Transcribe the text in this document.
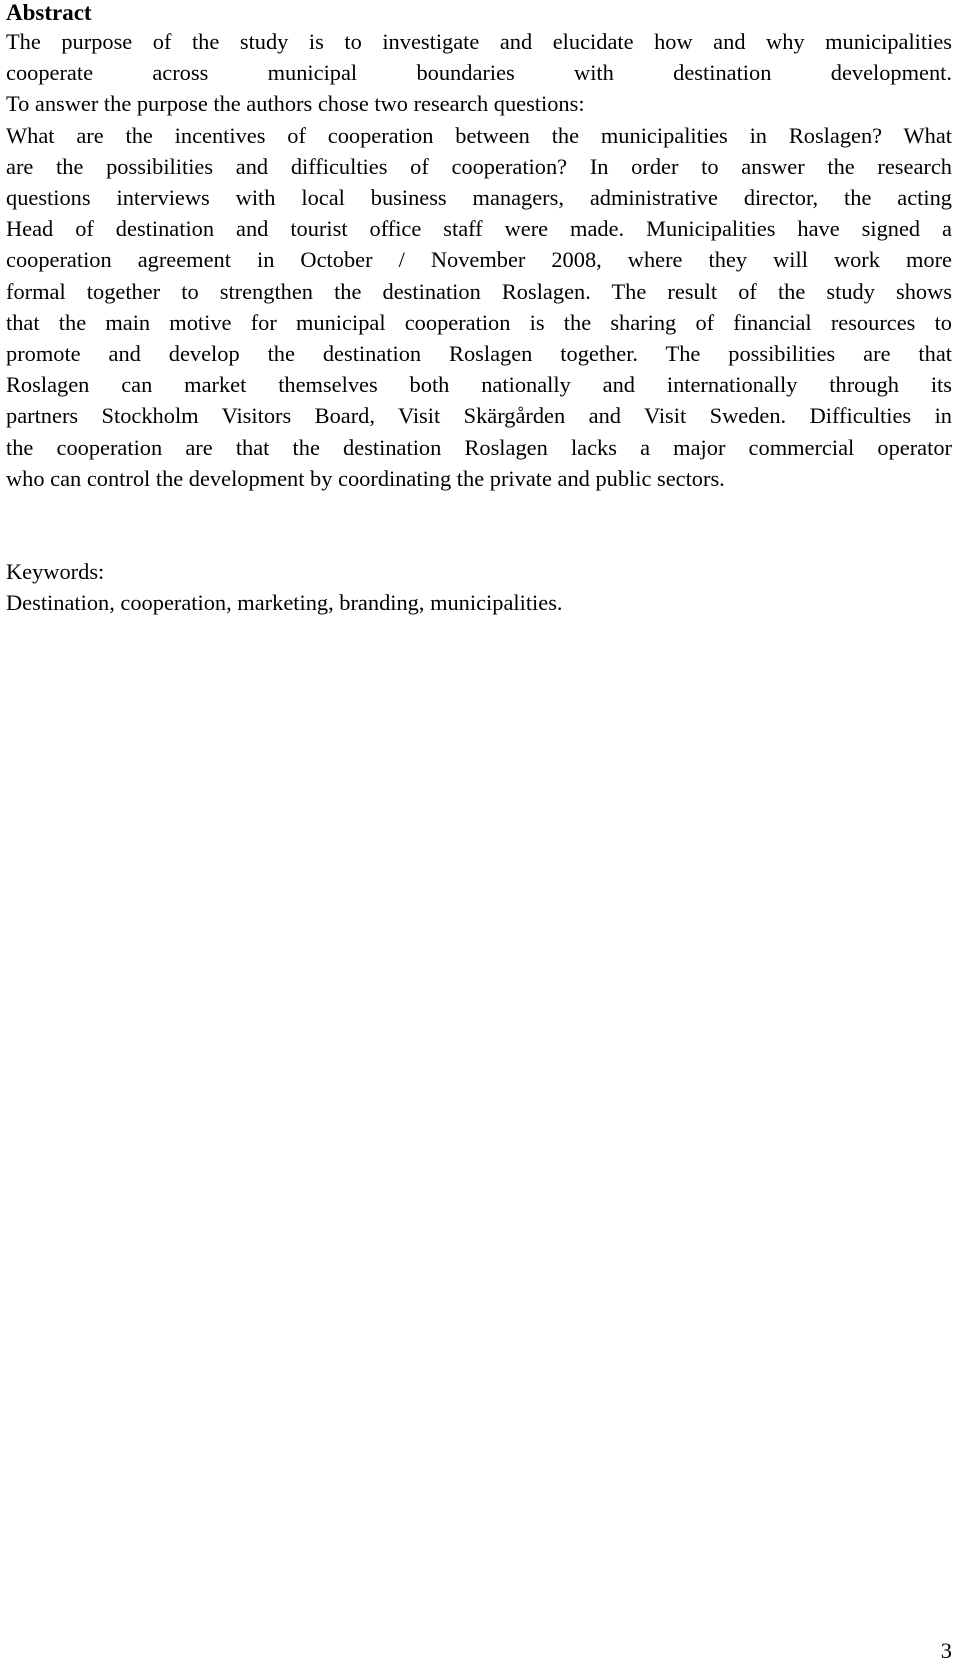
Abstract
The purpose of the study is to investigate and elucidate how and why municipalities
cooperate across municipal boundaries with destination development.
To answer the purpose the authors chose two research questions:
What are the incentives of cooperation between the municipalities in Roslagen? What
are the possibilities and difficulties of cooperation? In order to answer the research
questions interviews with local business managers, administrative director, the acting
Head of destination and tourist office staff were made. Municipalities have signed a
cooperation agreement in October / November 2008, where they will work more
formal together to strengthen the destination Roslagen. The result of the study shows
that the main motive for municipal cooperation is the sharing of financial resources to
promote and develop the destination Roslagen together. The possibilities are that
Roslagen can market themselves both nationally and internationally through its
partners Stockholm Visitors Board, Visit Skärgården and Visit Sweden. Difficulties in
the cooperation are that the destination Roslagen lacks a major commercial operator
who can control the development by coordinating the private and public sectors.

Keywords:

Destination, cooperation, marketing, branding, municipalities.

3
